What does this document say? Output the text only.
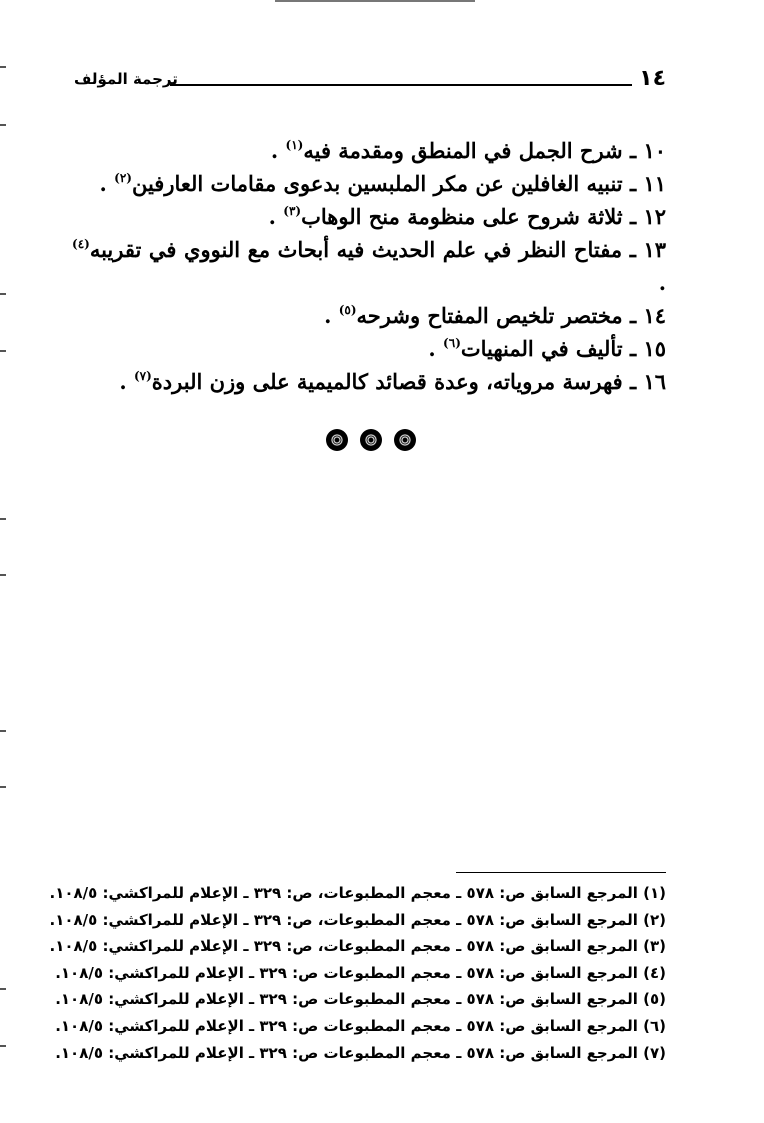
١٤
ترجمة المؤلف
١٠ ـ شرح الجمل في المنطق ومقدمة فيه$^{(١)}$ .
١١ ـ تنبيه الغافلين عن مكر الملبسين بدعوى مقامات العارفين$^{(٢)}$ .
١٢ ـ ثلاثة شروح على منظومة منح الوهاب$^{(٣)}$ .
١٣ ـ مفتاح النظر في علم الحديث فيه أبحاث مع النووي في تقريبه$^{(٤)}$ .
١٤ ـ مختصر تلخيص المفتاح وشرحه$^{(٥)}$ .
١٥ ـ تأليف في المنهيات$^{(٦)}$ .
١٦ ـ فهرسة مروياته، وعدة قصائد كالميمية على وزن البردة$^{(٧)}$ .
(١) المرجع السابق ص: ٥٧٨ ـ معجم المطبوعات، ص: ٣٢٩ ـ الإعلام للمراكشي: ١٠٨/٥.
(٢) المرجع السابق ص: ٥٧٨ ـ معجم المطبوعات، ص: ٣٢٩ ـ الإعلام للمراكشي: ١٠٨/٥.
(٣) المرجع السابق ص: ٥٧٨ ـ معجم المطبوعات، ص: ٣٢٩ ـ الإعلام للمراكشي: ١٠٨/٥.
(٤) المرجع السابق ص: ٥٧٨ ـ معجم المطبوعات ص: ٣٢٩ ـ الإعلام للمراكشي: ١٠٨/٥.
(٥) المرجع السابق ص: ٥٧٨ ـ معجم المطبوعات ص: ٣٢٩ ـ الإعلام للمراكشي: ١٠٨/٥.
(٦) المرجع السابق ص: ٥٧٨ ـ معجم المطبوعات ص: ٣٢٩ ـ الإعلام للمراكشي: ١٠٨/٥.
(٧) المرجع السابق ص: ٥٧٨ ـ معجم المطبوعات ص: ٣٢٩ ـ الإعلام للمراكشي: ١٠٨/٥.
